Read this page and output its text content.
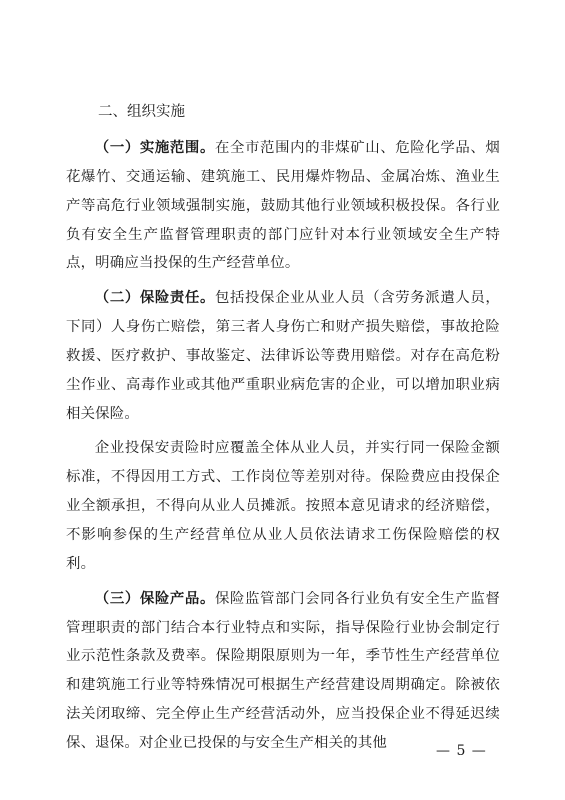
二、组织实施

（一）实施范围。在全市范围内的非煤矿山、危险化学品、烟花爆竹、交通运输、建筑施工、民用爆炸物品、金属冶炼、渔业生产等高危行业领域强制实施，鼓励其他行业领域积极投保。各行业负有安全生产监督管理职责的部门应针对本行业领域安全生产特点，明确应当投保的生产经营单位。

（二）保险责任。包括投保企业从业人员（含劳务派遣人员，下同）人身伤亡赔偿，第三者人身伤亡和财产损失赔偿，事故抢险救援、医疗救护、事故鉴定、法律诉讼等费用赔偿。对存在高危粉尘作业、高毒作业或其他严重职业病危害的企业，可以增加职业病相关保险。

企业投保安责险时应覆盖全体从业人员，并实行同一保险金额标准，不得因用工方式、工作岗位等差别对待。保险费应由投保企业全额承担，不得向从业人员摊派。按照本意见请求的经济赔偿，不影响参保的生产经营单位从业人员依法请求工伤保险赔偿的权利。

（三）保险产品。保险监管部门会同各行业负有安全生产监督管理职责的部门结合本行业特点和实际，指导保险行业协会制定行业示范性条款及费率。保险期限原则为一年，季节性生产经营单位和建筑施工行业等特殊情况可根据生产经营建设周期确定。除被依法关闭取缔、完全停止生产经营活动外，应当投保企业不得延迟续保、退保。对企业已投保的与安全生产相关的其他

— 5 —
